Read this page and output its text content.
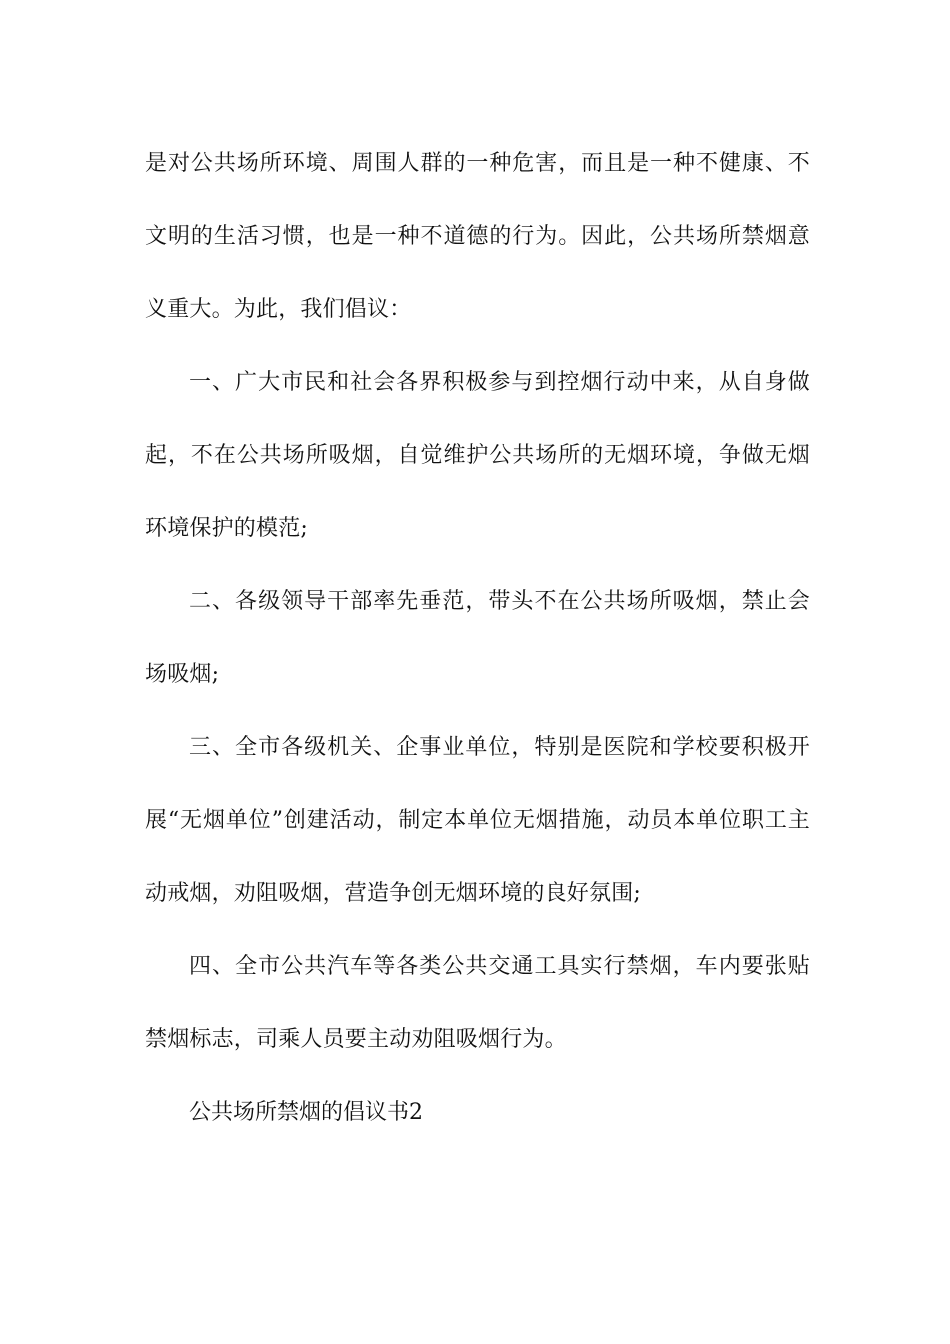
是对公共场所环境、周围人群的一种危害，而且是一种不健康、不文明的生活习惯，也是一种不道德的行为。因此，公共场所禁烟意义重大。为此，我们倡议：

一、广大市民和社会各界积极参与到控烟行动中来，从自身做起，不在公共场所吸烟，自觉维护公共场所的无烟环境，争做无烟环境保护的模范;

二、各级领导干部率先垂范，带头不在公共场所吸烟，禁止会场吸烟;

三、全市各级机关、企事业单位，特别是医院和学校要积极开展“无烟单位”创建活动，制定本单位无烟措施，动员本单位职工主动戒烟，劝阻吸烟，营造争创无烟环境的良好氛围;

四、全市公共汽车等各类公共交通工具实行禁烟，车内要张贴禁烟标志，司乘人员要主动劝阻吸烟行为。

公共场所禁烟的倡议书2
